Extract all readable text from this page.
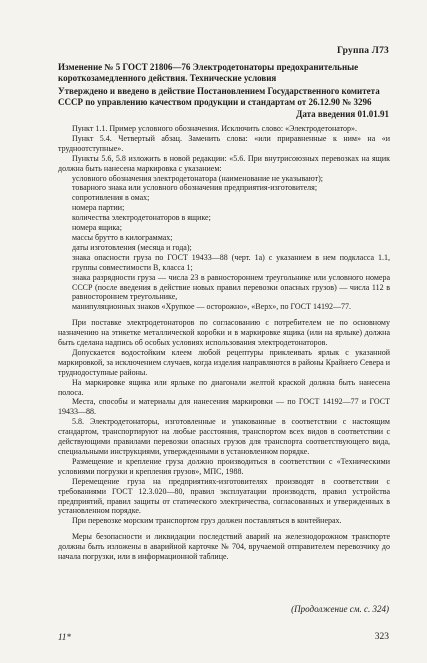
Группа Л73
Изменение № 5 ГОСТ 21806—76 Электродетонаторы предохранительные короткозамедленного действия. Технические условия
Утверждено и введено в действие Постановлением Государственного комитета СССР по управлению качеством продукции и стандартам от 26.12.90 № 3296
Дата введения 01.01.91

Пункт 1.1. Пример условного обозначения. Исключить слово: «Электродетонатор».

Пункт 5.4. Четвертый абзац. Заменить слова: «или приравненные к ним» на «и трудноотступные».

Пункты 5.6, 5.8 изложить в новой редакции: «5.6. При внутрисоюзных перевозках на ящик должна быть нанесена маркировка с указанием:

условного обозначения электродетонатора (наименование не указывают);

товарного знака или условного обозначения предприятия-изготовителя;

сопротивления в омах;

номера партии;

количества электродетонаторов в ящике;

номера ящика;

массы брутто в килограммах;

даты изготовления (месяца и года);

знака опасности груза по ГОСТ 19433—88 (черт. 1а) с указанием в нем подкласса 1.1, группы совместимости В, класса 1;

знака разрядности груза — числа 23 в равностороннем треугольнике или условного номера СССР (после введения в действие новых правил перевозки опасных грузов) — числа 112 в равностороннем треугольнике,

манипуляционных знаков «Хрупкое — осторожно», «Верх», по ГОСТ 14192—77.

При поставке электродетонаторов по согласованию с потребителем не по основному назначению на этикетке металлической коробки и в маркировке ящика (или на ярлыке) должна быть сделана надпись об особых условиях использования электродетонаторов.

Допускается водостойким клеем любой рецептуры приклеивать ярлык с указанной маркировкой, за исключением случаев, когда изделия направляются в районы Крайнего Севера и труднодоступные районы.

На маркировке ящика или ярлыке по диагонали желтой краской должна быть нанесена полоса.

Места, способы и материалы для нанесения маркировки — по ГОСТ 14192—77 и ГОСТ 19433—88.

5.8. Электродетонаторы, изготовленные и упакованные в соответствии с настоящим стандартом, транспортируют на любые расстояния, транспортом всех видов в соответствии с действующими правилами перевозки опасных грузов для транспорта соответствующего вида, специальными инструкциями, утвержденными в установленном порядке.

Размещение и крепление груза должно производиться в соответствии с «Техническими условиями погрузки и крепления грузов», МПС, 1988.

Перемещение груза на предприятиях-изготовителях производят в соответствии с требованиями ГОСТ 12.3.020—80, правил эксплуатации производств, правил устройства предприятий, правил защиты от статического электричества, согласованных и утвержденных в установленном порядке.

При перевозке морским транспортом груз должен поставляться в контейнерах.

Меры безопасности и ликвидации последствий аварий на железнодорожном транспорте должны быть изложены в аварийной карточке № 704, вручаемой отправителем перевозчику до начала погрузки, или в информационной таблице.

(Продолжение см. с. 324)
11*	323
